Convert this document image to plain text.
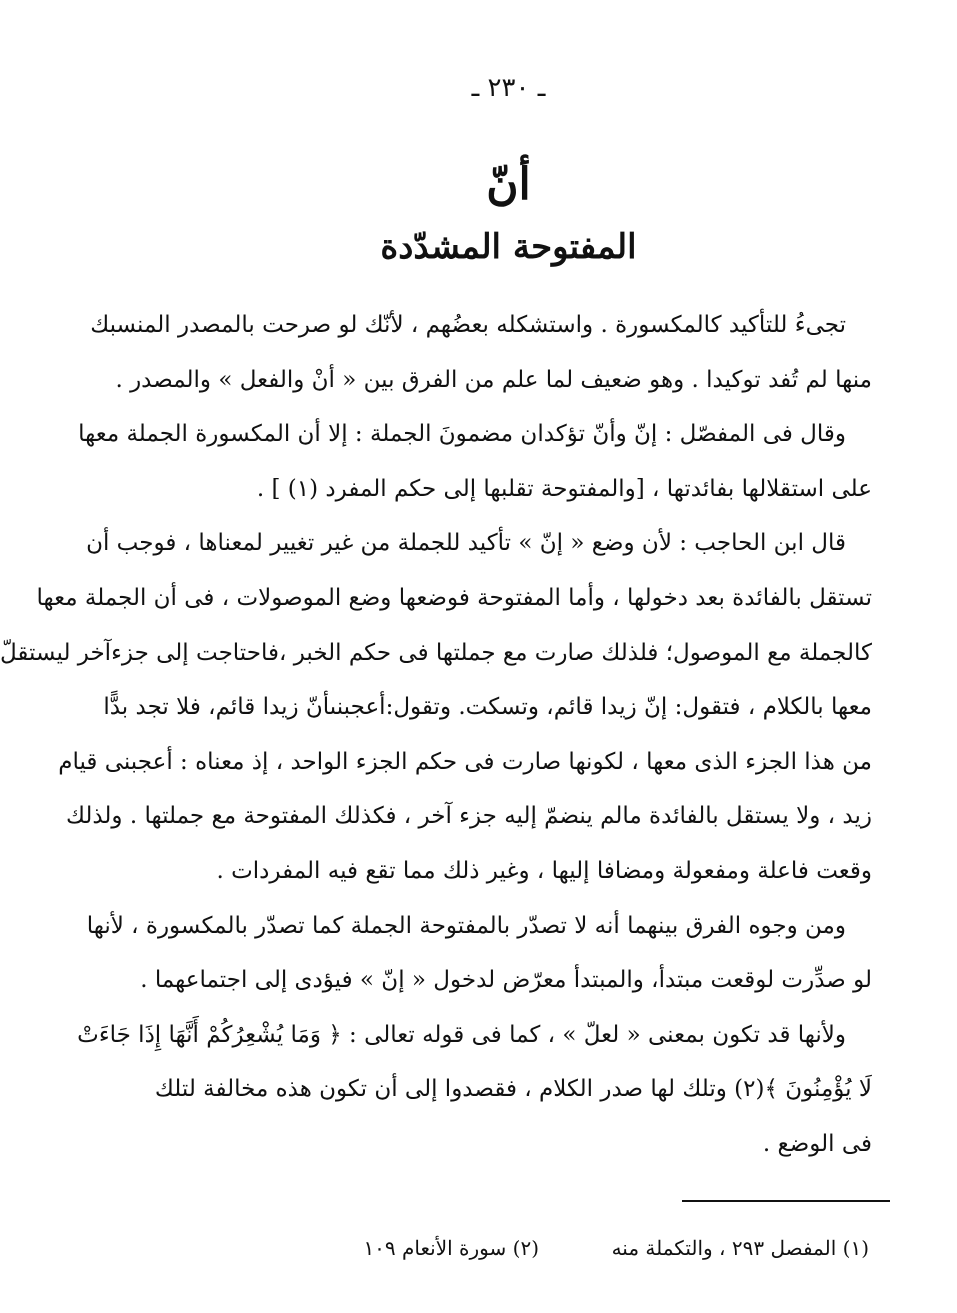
ـ ٢٣٠ ـ
أنّ
المفتوحة المشدّدة
تجىءُ للتأكيد كالمكسورة . واستشكله بعضُهم ، لأنّك لو صرحت بالمصدر المنسبك
منها لم تُفد توكيدا . وهو ضعيف لما علم من الفرق بين « أنْ والفعل » والمصدر .
وقال فى المفصّل : إنّ وأنّ تؤكدان مضمونَ الجملة : إلا أن المكسورة الجملة معها
على استقلالها بفائدتها ، [والمفتوحة تقلبها إلى حكم المفرد (١) ] .
قال ابن الحاجب : لأن وضع « إنّ » تأكيد للجملة من غير تغيير لمعناها ، فوجب أن
تستقل بالفائدة بعد دخولها ، وأما المفتوحة فوضعها وضع الموصولات ، فى أن الجملة معها
كالجملة مع الموصول؛ فلذلك صارت مع جملتها فى حكم الخبر ،فاحتاجت إلى جزءآخر ليستقلّ
معها بالكلام ، فتقول: إنّ زيدا قائم، وتسكت. وتقول:أعجبنىأنّ زيدا قائم، فلا تجد بدًّا
من هذا الجزء الذى معها ، لكونها صارت فى حكم الجزء الواحد ، إذ معناه : أعجبنى قيام
زيد ، ولا يستقل بالفائدة مالم ينضمّ إليه جزء آخر ، فكذلك المفتوحة مع جملتها . ولذلك
وقعت فاعلة ومفعولة ومضافا إليها ، وغير ذلك مما تقع فيه المفردات .
ومن وجوه الفرق بينهما أنه لا تصدّر بالمفتوحة الجملة كما تصدّر بالمكسورة ، لأنها
لو صدِّرت لوقعت مبتدأ، والمبتدأ معرّض لدخول « إنّ » فيؤدى إلى اجتماعهما .
ولأنها قد تكون بمعنى « لعلّ » ، كما فى قوله تعالى : ﴿ وَمَا يُشْعِرُكُمْ أَنَّهَا إِذَا جَاءَتْ
لَا يُؤْمِنُونَ ﴾(٢) وتلك لها صدر الكلام ، فقصدوا إلى أن تكون هذه مخالفة لتلك
فى الوضع .
(١) المفصل ٢٩٣ ، والتكملة منه
(٢) سورة الأنعام ١٠٩
